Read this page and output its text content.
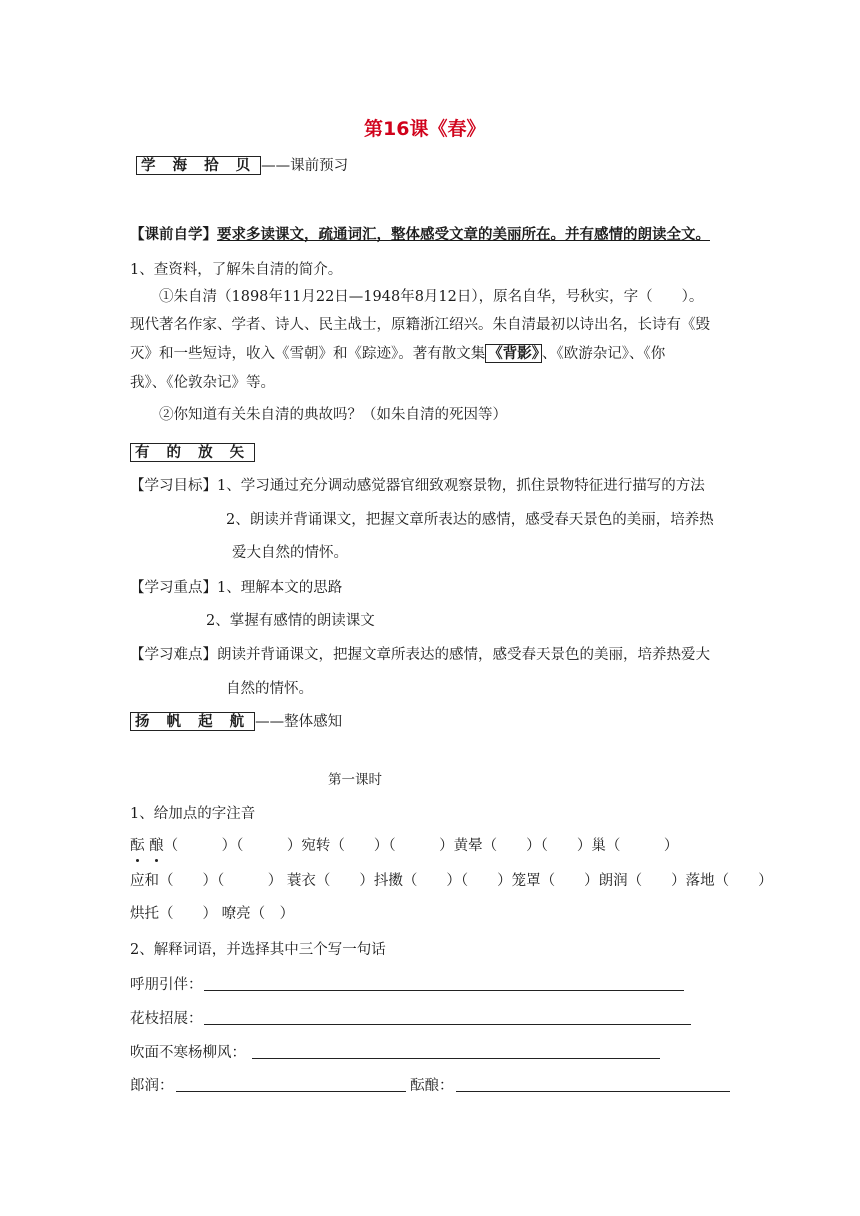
第16课《春》
学 海 拾 贝 ——课前预习
【课前自学】要求多读课文，疏通词汇，整体感受文章的美丽所在。并有感情的朗读全文。
1、查资料，了解朱自清的简介。
①朱自清（1898年11月22日—1948年8月12日），原名自华，号秋实，字（　　）。
现代著名作家、学者、诗人、民主战士，原籍浙江绍兴。朱自清最初以诗出名，长诗有《毁
灭》和一些短诗，收入《雪朝》和《踪迹》。著有散文集 《背影》 、《欧游杂记》、《你
我》、《伦敦杂记》等。
②你知道有关朱自清的典故吗？（如朱自清的死因等）
有 的 放 矢
【学习目标】1、学习通过充分调动感觉器官细致观察景物，抓住景物特征进行描写的方法
2、朗读并背诵课文，把握文章所表达的感情，感受春天景色的美丽，培养热
爱大自然的情怀。
【学习重点】1、理解本文的思路
2、掌握有感情的朗读课文
【学习难点】朗读并背诵课文，把握文章所表达的感情，感受春天景色的美丽，培养热爱大
自然的情怀。
扬 帆 起 航 ——整体感知
第一课时
1、给加点的字注音
酝 酿（　　　）（　　　）宛转（　　）（　　　）黄晕（　　）（　　）巢（　　　）
应和（　　）（　　　） 蓑衣（　　）抖擞（　　）（　　）笼罩（　　）朗润（　　）落地（　　）
烘托（　　） 嘹亮（　）
2、解释词语，并选择其中三个写一句话
呼朋引伴：
花枝招展：
吹面不寒杨柳风：
郎润：	酝酿：
